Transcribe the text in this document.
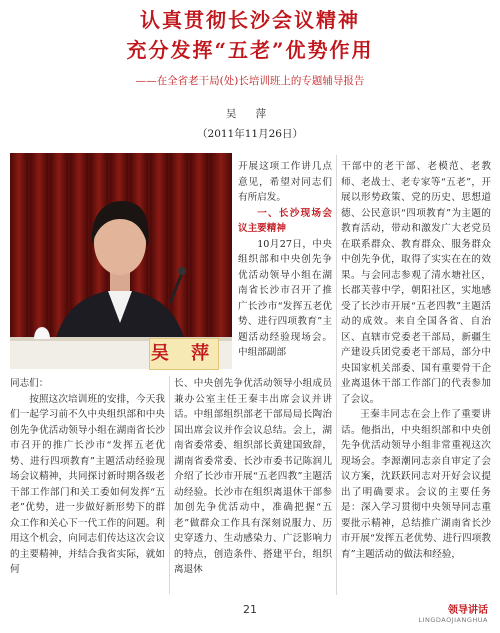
认真贯彻长沙会议精神
充分发挥“五老”优势作用
——在全省老干局(处)长培训班上的专题辅导报告
吴 萍
（2011年11月26日）
吴 萍

开展这项工作讲几点意见，希望对同志们有所启发。

一、长沙现场会议主要精神

10月27日，中央组织部和中央创先争优活动领导小组在湖南省长沙市召开了推广长沙市“发挥五老优势、进行四项教育”主题活动经验现场会。中组部副部

长、中央创先争优活动领导小组成员兼办公室主任王秦丰出席会议并讲话。中组部组织部老干部局局长陶治国出席会议并作会议总结。会上，湖南省委常委、组织部长黄建国致辞，湖南省委常委、长沙市委书记陈润儿介绍了长沙市开展“五老四教”主题活动经验。长沙市在组织离退休干部参加创先争优活动中，准确把握“五老”做群众工作具有深刻说服力、历史穿透力、生动感染力、广泛影响力的特点，创造条件、搭建平台，组织离退休

同志们：

按照这次培训班的安排，今天我们一起学习前不久中央组织部和中央创先争优活动领导小组在湖南省长沙市召开的推广长沙市“发挥五老优势、进行四项教育”主题活动经验现场会议精神，共同探讨新时期各级老干部工作部门和关工委如何发挥“五老”优势，进一步做好新形势下的群众工作和关心下一代工作的问题。利用这个机会，向同志们传达这次会议的主要精神，并结合我省实际，就如何

干部中的老干部、老模范、老教师、老战士、老专家等“五老”，开展以形势政策、党的历史、思想道德、公民意识“四项教育”为主题的教育活动，带动和激发广大老党员在联系群众、教育群众、服务群众中创先争优，取得了实实在在的效果。与会同志参观了清水塘社区，长郡芙蓉中学，朝阳社区，实地感受了长沙市开展“五老四教”主题活动的成效。来自全国各省、自治区、直辖市党委老干部局，新疆生产建设兵团党委老干部局，部分中央国家机关部委、国有重要骨干企业离退休干部工作部门的代表参加了会议。

王秦丰同志在会上作了重要讲话。他指出，中央组织部和中央创先争优活动领导小组非常重视这次现场会。李源潮同志亲自审定了会议方案，沈跃跃同志对开好会议提出了明确要求。会议的主要任务是：深入学习贯彻中央领导同志重要批示精神，总结推广湖南省长沙市开展“发挥五老优势、进行四项教育”主题活动的做法和经验，

21	领导讲话
LINGDAOJIANGHUA
